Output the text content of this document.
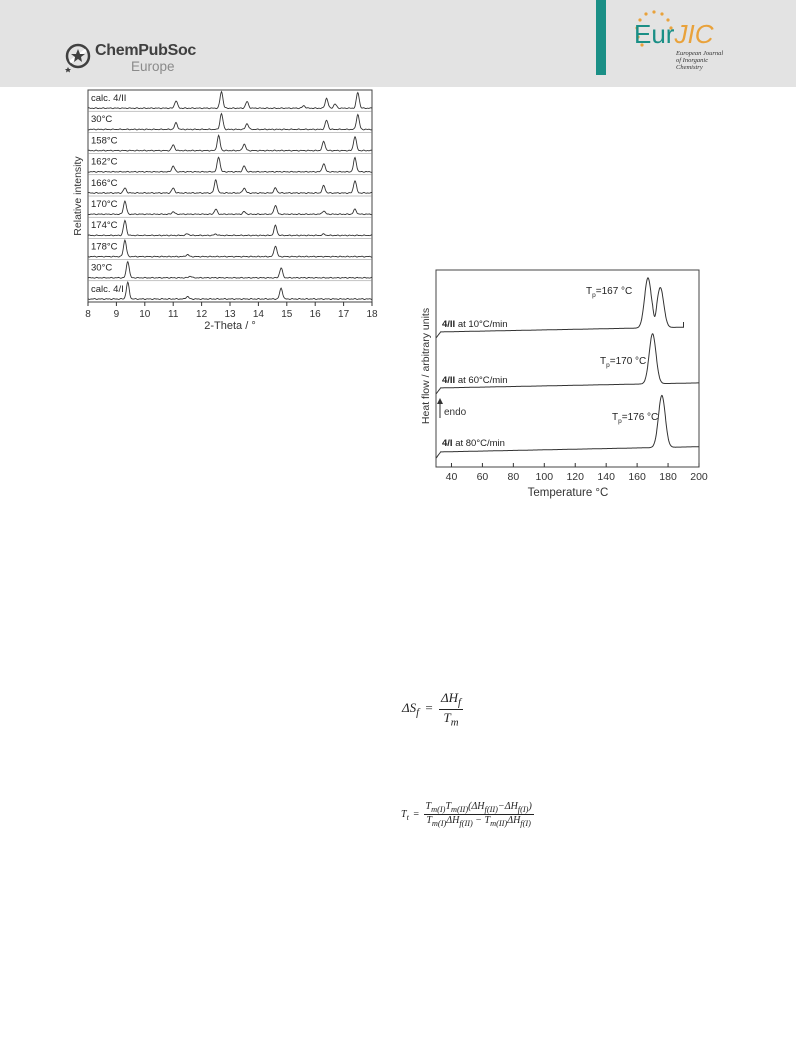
ChemPubSoc
Europe
EurJIC
European Journal
of Inorganic Chemistry
calc. 4/II
30°C
158°C
162°C
166°C
170°C
174°C
178°C
30°C
calc. 4/I
8 9 10 11 12 13 14 15 16 17 18
2-Theta / °
Relative intensity
4/II at 10°C/min
$T_p=167$ °C
4/II at 60°C/min
$T_p=170$ °C
4/I at 80°C/min
$T_p=176$ °C
40 60 80 100 120 140 160 180 200
endo
Temperature °C
Heat flow / arbitrary units
$\Delta S_f = \frac{\Delta H_f}{T_m}$
$T_t = \frac{T_{m(I)}T_{m(II)}(\Delta H_{f(II)}-\Delta H_{f(I)})}{T_{m(I)}\Delta H_{f(II)} - T_{m(II)}\Delta H_{f(I)}}$
